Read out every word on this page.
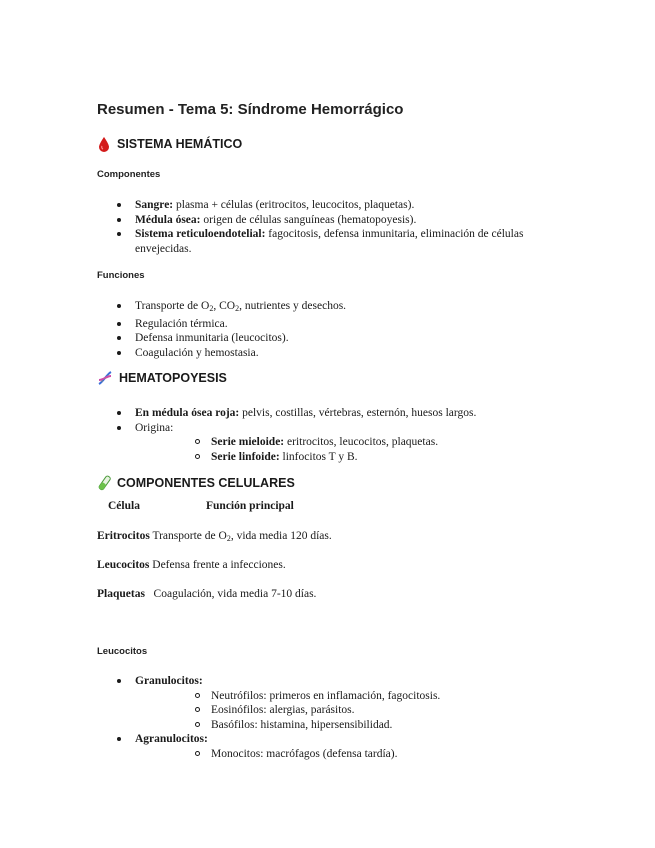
Resumen - Tema 5: Síndrome Hemorrágico
SISTEMA HEMÁTICO
Componentes
Sangre: plasma + células (eritrocitos, leucocitos, plaquetas).
Médula ósea: origen de células sanguíneas (hematopoyesis).
Sistema reticuloendotelial: fagocitosis, defensa inmunitaria, eliminación de células envejecidas.
Funciones
Transporte de O2, CO2, nutrientes y desechos.
Regulación térmica.
Defensa inmunitaria (leucocitos).
Coagulación y hemostasia.
HEMATOPOYESIS
En médula ósea roja: pelvis, costillas, vértebras, esternón, huesos largos.
Origina:
Serie mieloide: eritrocitos, leucocitos, plaquetas.
Serie linfoide: linfocitos T y B.
COMPONENTES CELULARES
Célula	Función principal
Eritrocitos Transporte de O2, vida media 120 días.
Leucocitos Defensa frente a infecciones.
Plaquetas   Coagulación, vida media 7-10 días.
Leucocitos
Granulocitos:
Neutrófilos: primeros en inflamación, fagocitosis.
Eosinófilos: alergias, parásitos.
Basófilos: histamina, hipersensibilidad.
Agranulocitos:
Monocitos: macrófagos (defensa tardía).
